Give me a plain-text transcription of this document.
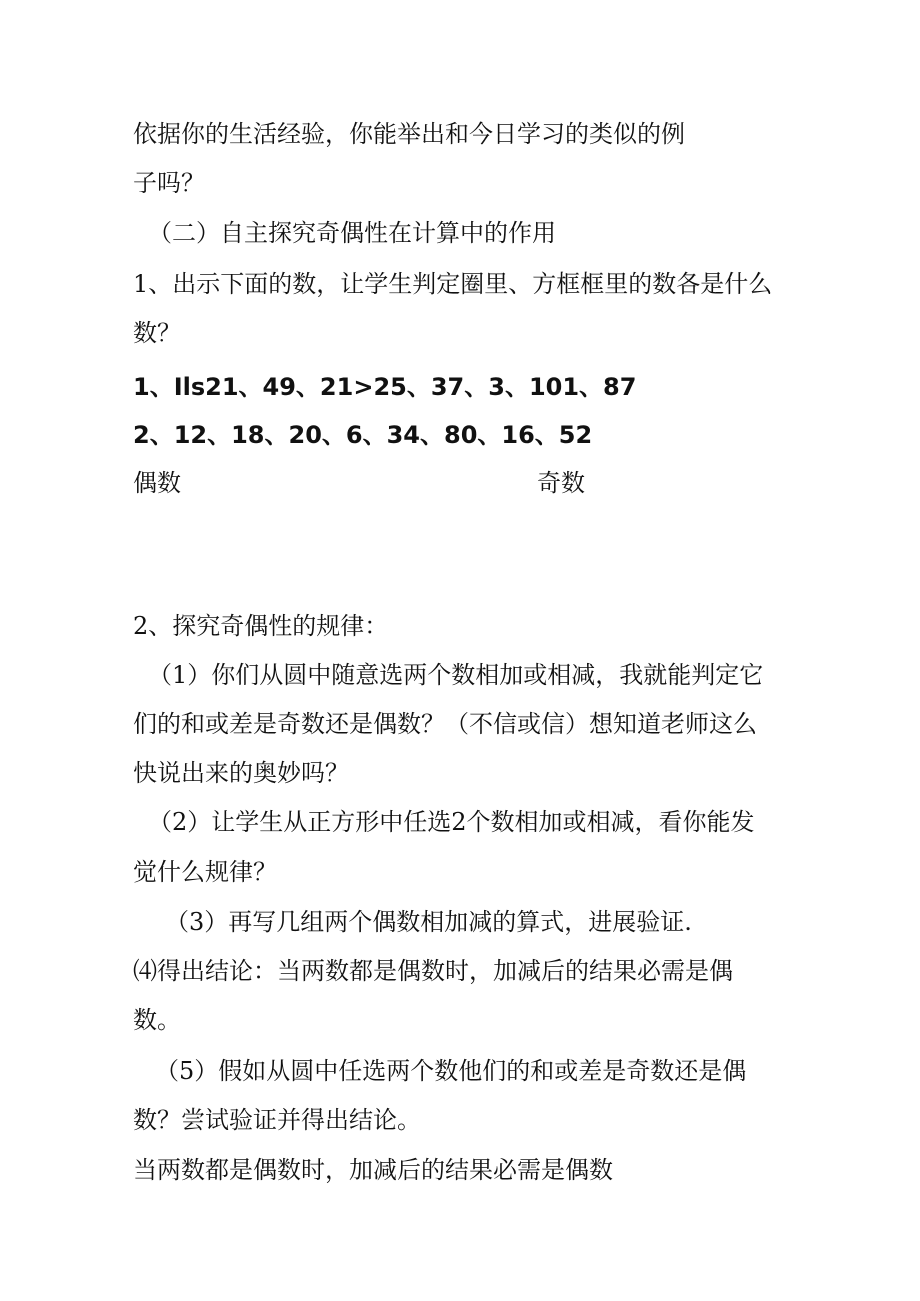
依据你的生活经验，你能举出和今日学习的类似的例
子吗？
（二）自主探究奇偶性在计算中的作用
1、出示下面的数，让学生判定圈里、方框框里的数各是什么
数？
1、Ils21、49、21>25、37、3、101、87
2、12、18、20、6、34、80、16、52
偶数	奇数
2、探究奇偶性的规律：
（1）你们从圆中随意选两个数相加或相减，我就能判定它
们的和或差是奇数还是偶数？（不信或信）想知道老师这么
快说出来的奥妙吗？
（2）让学生从正方形中任选2个数相加或相减，看你能发
觉什么规律？
（3）再写几组两个偶数相加减的算式，进展验证.
⑷得出结论：当两数都是偶数时，加减后的结果必需是偶
数。
（5）假如从圆中任选两个数他们的和或差是奇数还是偶
数？尝试验证并得出结论。
当两数都是偶数时，加减后的结果必需是偶数
